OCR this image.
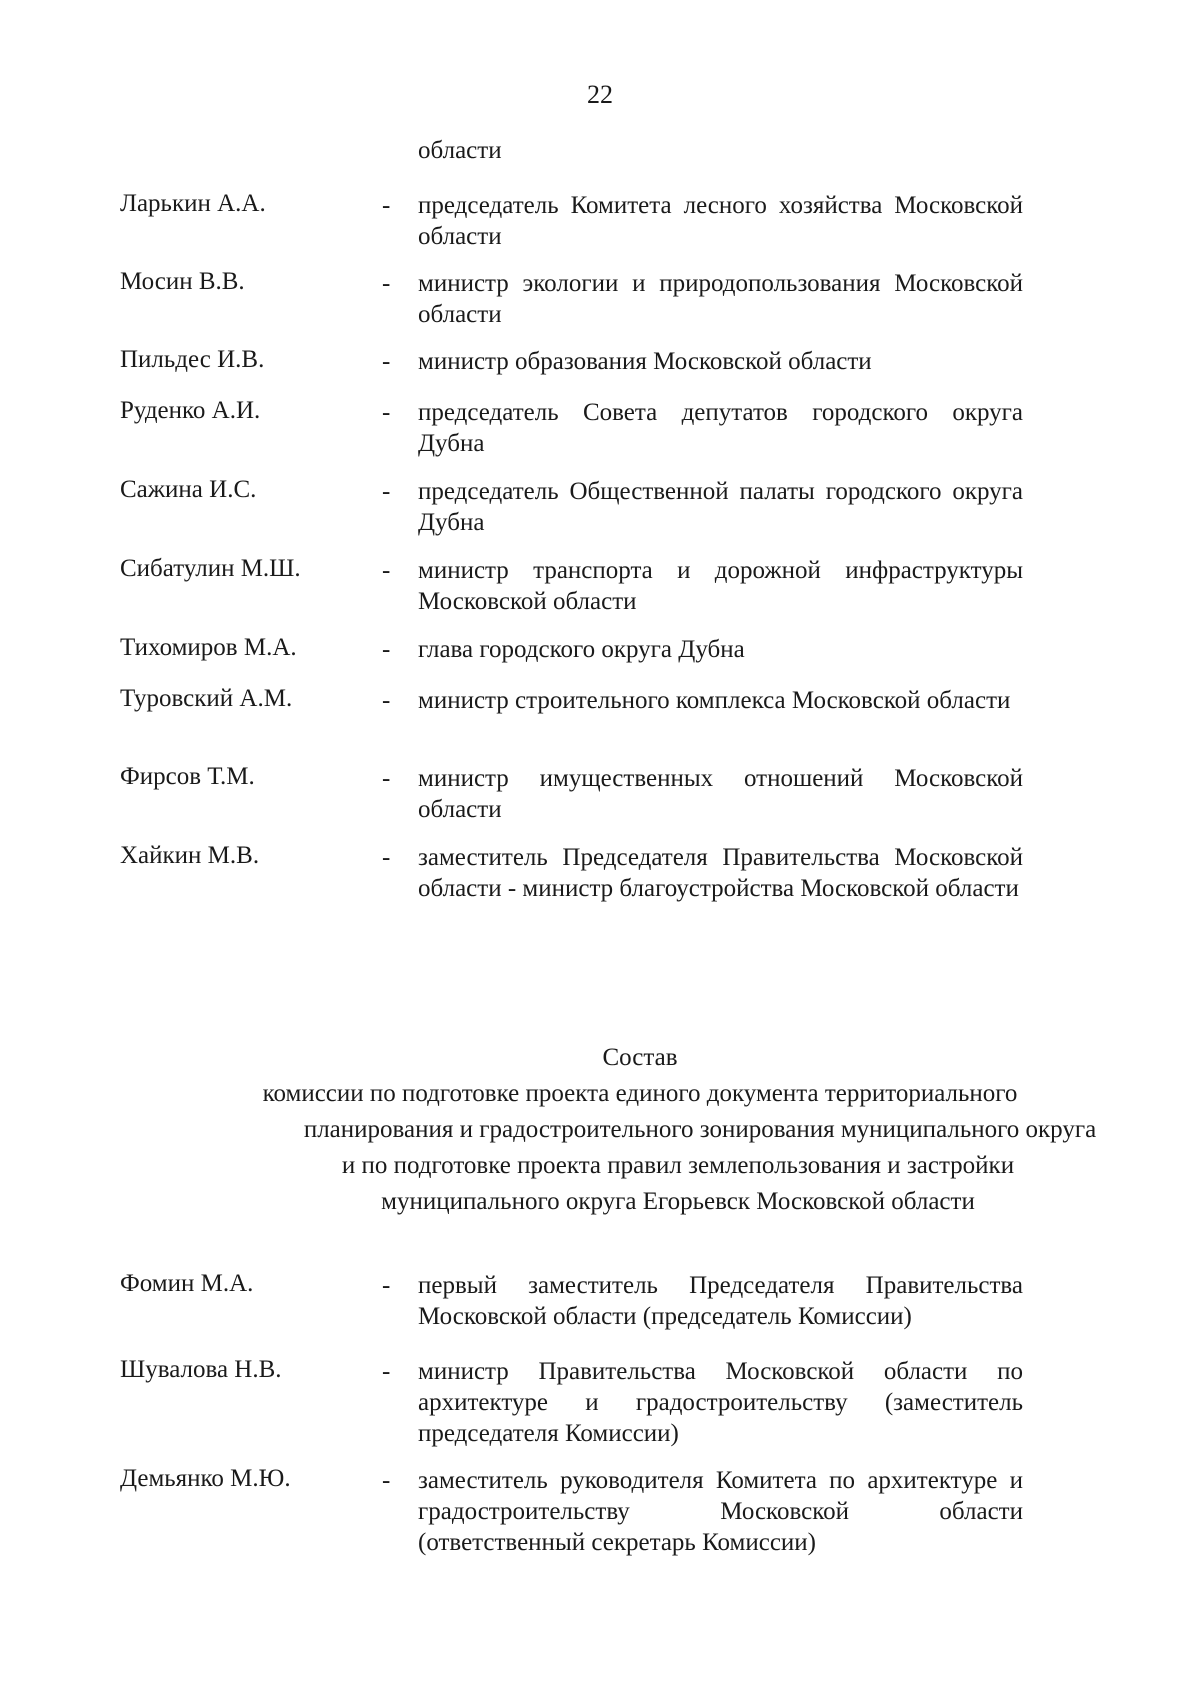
22
области
Ларькин А.А.	- председатель Комитета лесного хозяйства Московской области
Мосин В.В.	- министр экологии и природопользования Московской области
Пильдес И.В.	- министр образования Московской области
Руденко А.И.	- председатель Совета депутатов городского округа Дубна
Сажина И.С.	- председатель Общественной палаты городского округа Дубна
Сибатулин М.Ш.	- министр транспорта и дорожной инфраструктуры Московской области
Тихомиров М.А.	- глава городского округа Дубна
Туровский А.М.	- министр строительного комплекса Московской области
Фирсов Т.М.	- министр имущественных отношений Московской области
Хайкин М.В.	- заместитель Председателя Правительства Московской области - министр благоустройства Московской области
Состав
комиссии по подготовке проекта единого документа территориального
планирования и градостроительного зонирования муниципального округа
и по подготовке проекта правил землепользования и застройки
муниципального округа Егорьевск Московской области
Фомин М.А.	- первый заместитель Председателя Правительства Московской области (председатель Комиссии)
Шувалова Н.В.	- министр Правительства Московской области по архитектуре и градостроительству (заместитель председателя Комиссии)
Демьянко М.Ю.	- заместитель руководителя Комитета по архитектуре и градостроительству Московской области (ответственный секретарь Комиссии)
